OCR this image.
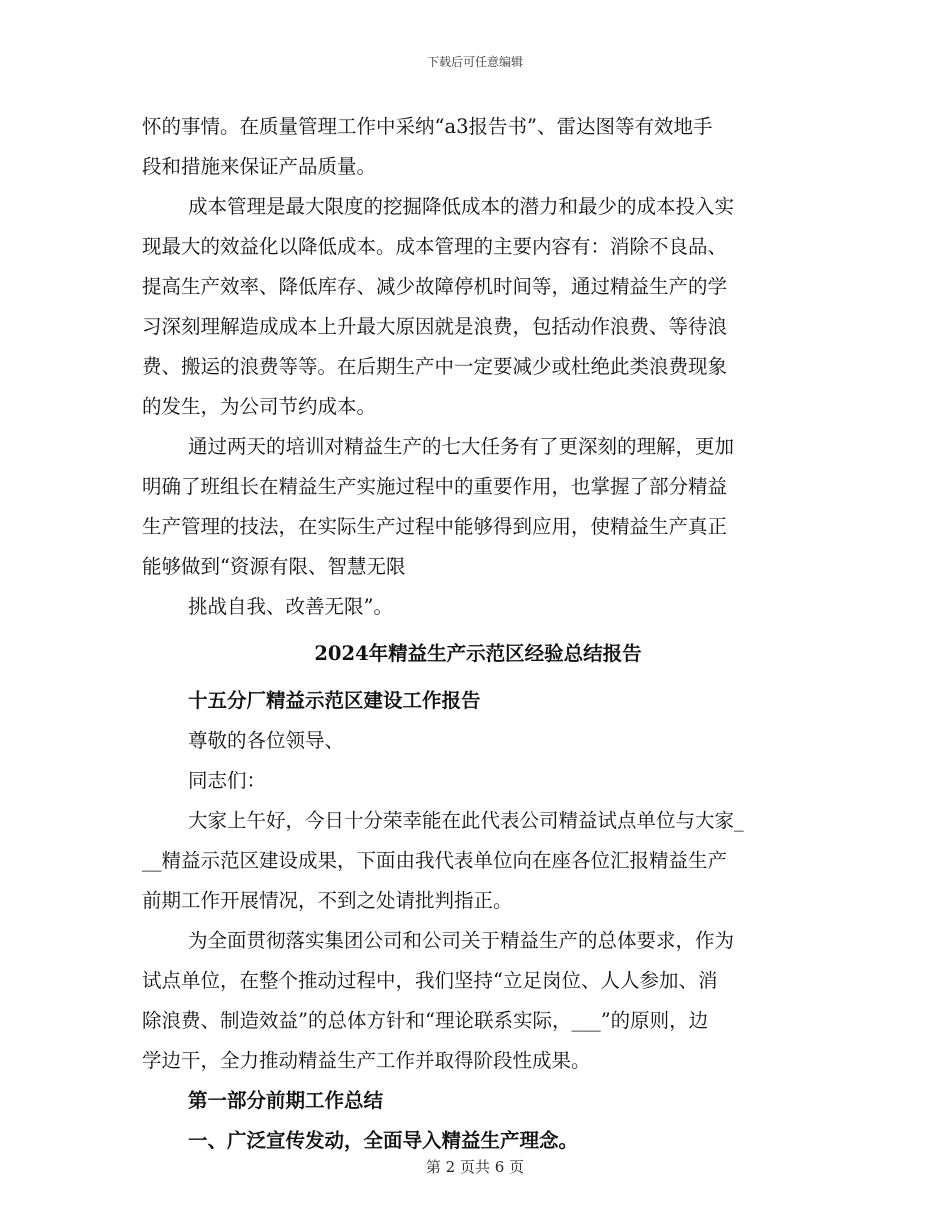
下载后可任意编辑
怀的事情。在质量管理工作中采纳“a3报告书”、雷达图等有效地手
段和措施来保证产品质量。
成本管理是最大限度的挖掘降低成本的潜力和最少的成本投入实
现最大的效益化以降低成本。成本管理的主要内容有：消除不良品、
提高生产效率、降低库存、减少故障停机时间等，通过精益生产的学
习深刻理解造成成本上升最大原因就是浪费，包括动作浪费、等待浪
费、搬运的浪费等等。在后期生产中一定要减少或杜绝此类浪费现象
的发生，为公司节约成本。
通过两天的培训对精益生产的七大任务有了更深刻的理解，更加
明确了班组长在精益生产实施过程中的重要作用，也掌握了部分精益
生产管理的技法，在实际生产过程中能够得到应用，使精益生产真正
能够做到“资源有限、智慧无限
挑战自我、改善无限”。
2024年精益生产示范区经验总结报告
十五分厂精益示范区建设工作报告
尊敬的各位领导、
同志们：
大家上午好，今日十分荣幸能在此代表公司精益试点单位与大家_
__精益示范区建设成果，下面由我代表单位向在座各位汇报精益生产
前期工作开展情况，不到之处请批判指正。
为全面贯彻落实集团公司和公司关于精益生产的总体要求，作为
试点单位，在整个推动过程中，我们坚持“立足岗位、人人参加、消
除浪费、制造效益”的总体方针和“理论联系实际，___”的原则，边
学边干，全力推动精益生产工作并取得阶段性成果。
第一部分前期工作总结
一、广泛宣传发动，全面导入精益生产理念。
第 2 页共 6 页
